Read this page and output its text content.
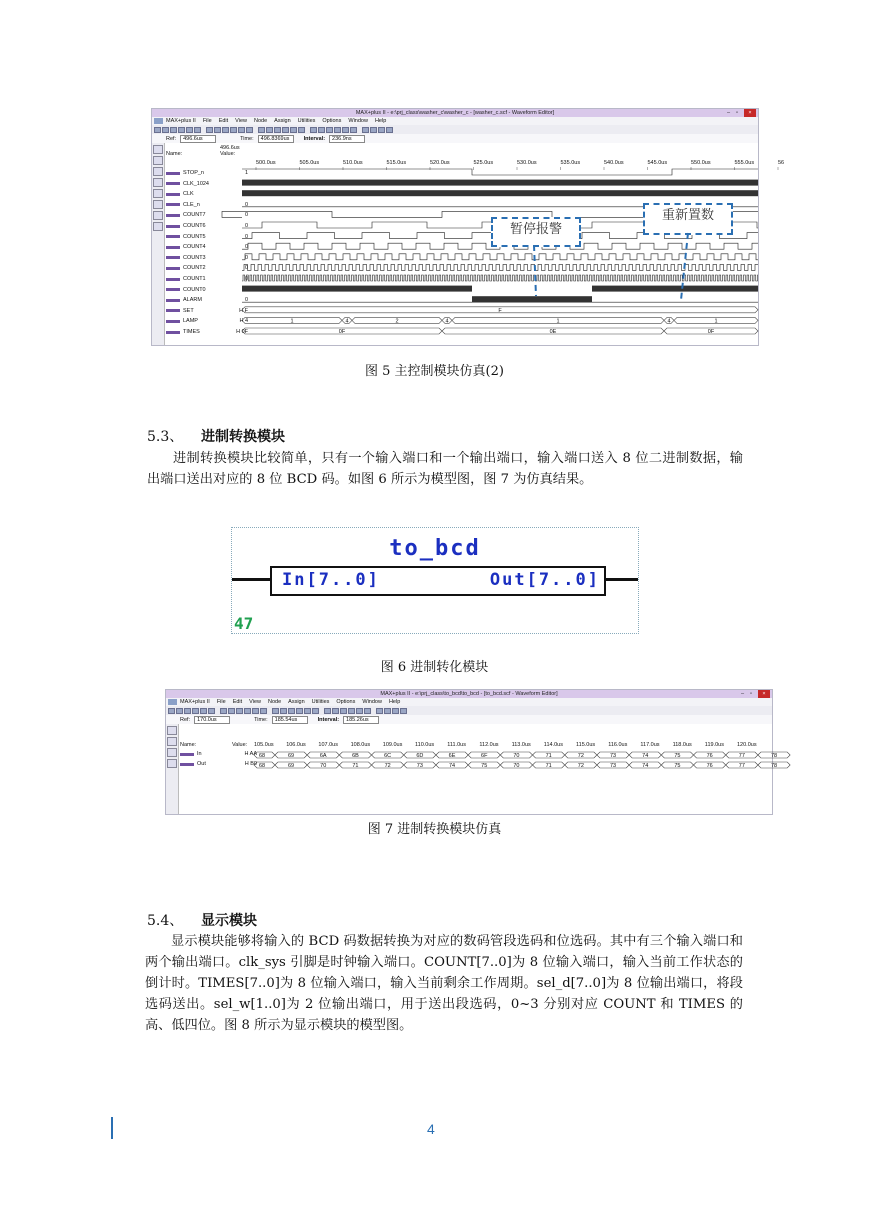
MAX+plus II - e:\prj_class\washer_c\washer_c - [washer_c.scf - Waveform Editor]	– ▫	×
MAX+plus II File Edit View Node Assign Utilities Options Window Help
Ref:	496.6us	Time:	496.8369us	Interval:	236.9ns
Name:	Value:
496.6us
500.0us	505.0us	510.0us	515.0us	520.0us	525.0us	530.0us	535.0us	540.0us	545.0us	550.0us	555.0us	56
STOP_n	1
CLK_1024
CLK
CLE_n	0
COUNT7	0
COUNT6	0
COUNT5	0
COUNT4	0
COUNT3	0
COUNT2	0
COUNT1	0
COUNT0
ALARM	0
SET	H F
LAMP	H 4
TIMES	H 0F
F
1	4	2	4	1	4	1
0F	0E	0F
暂停报警
重新置数
图 5 主控制模块仿真(2)
5.3、 进制转换模块

进制转换模块比较简单，只有一个输入端口和一个输出端口，输入端口送入 8 位二进制数据，输出端口送出对应的 8 位 BCD 码。如图 6 所示为模型图，图 7 为仿真结果。

to_bcd
In[7..0]	Out[7..0]
47
图 6 进制转化模块
MAX+plus II - e:\prj_class\to_bcd\to_bcd - [to_bcd.scf - Waveform Editor]	– ▫	×
MAX+plus II File Edit View Node Assign Utilities Options Window Help
Ref:	170.0us	Time:	185.54us	Interval:	185.26us
Name:	Value: 105.0us 106.0us 107.0us 108.0us 109.0us 110.0us 111.0us 112.0us 113.0us 114.0us 115.0us 116.0us 117.0us 118.0us 119.0us 120.0us
In	H AA
Out	H B0
68	69	6A	6B	6C	6D	6E	6F	70	71	72	73	74	75	76	77	78
68	69	70	71	72	73	74	75	70	71	72	73	74	75	76	77	78
图 7 进制转换模块仿真
5.4、 显示模块

显示模块能够将输入的 BCD 码数据转换为对应的数码管段选码和位选码。其中有三个输入端口和两个输出端口。clk_sys 引脚是时钟输入端口。COUNT[7..0]为 8 位输入端口，输入当前工作状态的倒计时。TIMES[7..0]为 8 位输入端口，输入当前剩余工作周期。sel_d[7..0]为 8 位输出端口，将段选码送出。sel_w[1..0]为 2 位输出端口，用于送出段选码，0~3 分别对应 COUNT 和 TIMES 的高、低四位。图 8 所示为显示模块的模型图。

4
